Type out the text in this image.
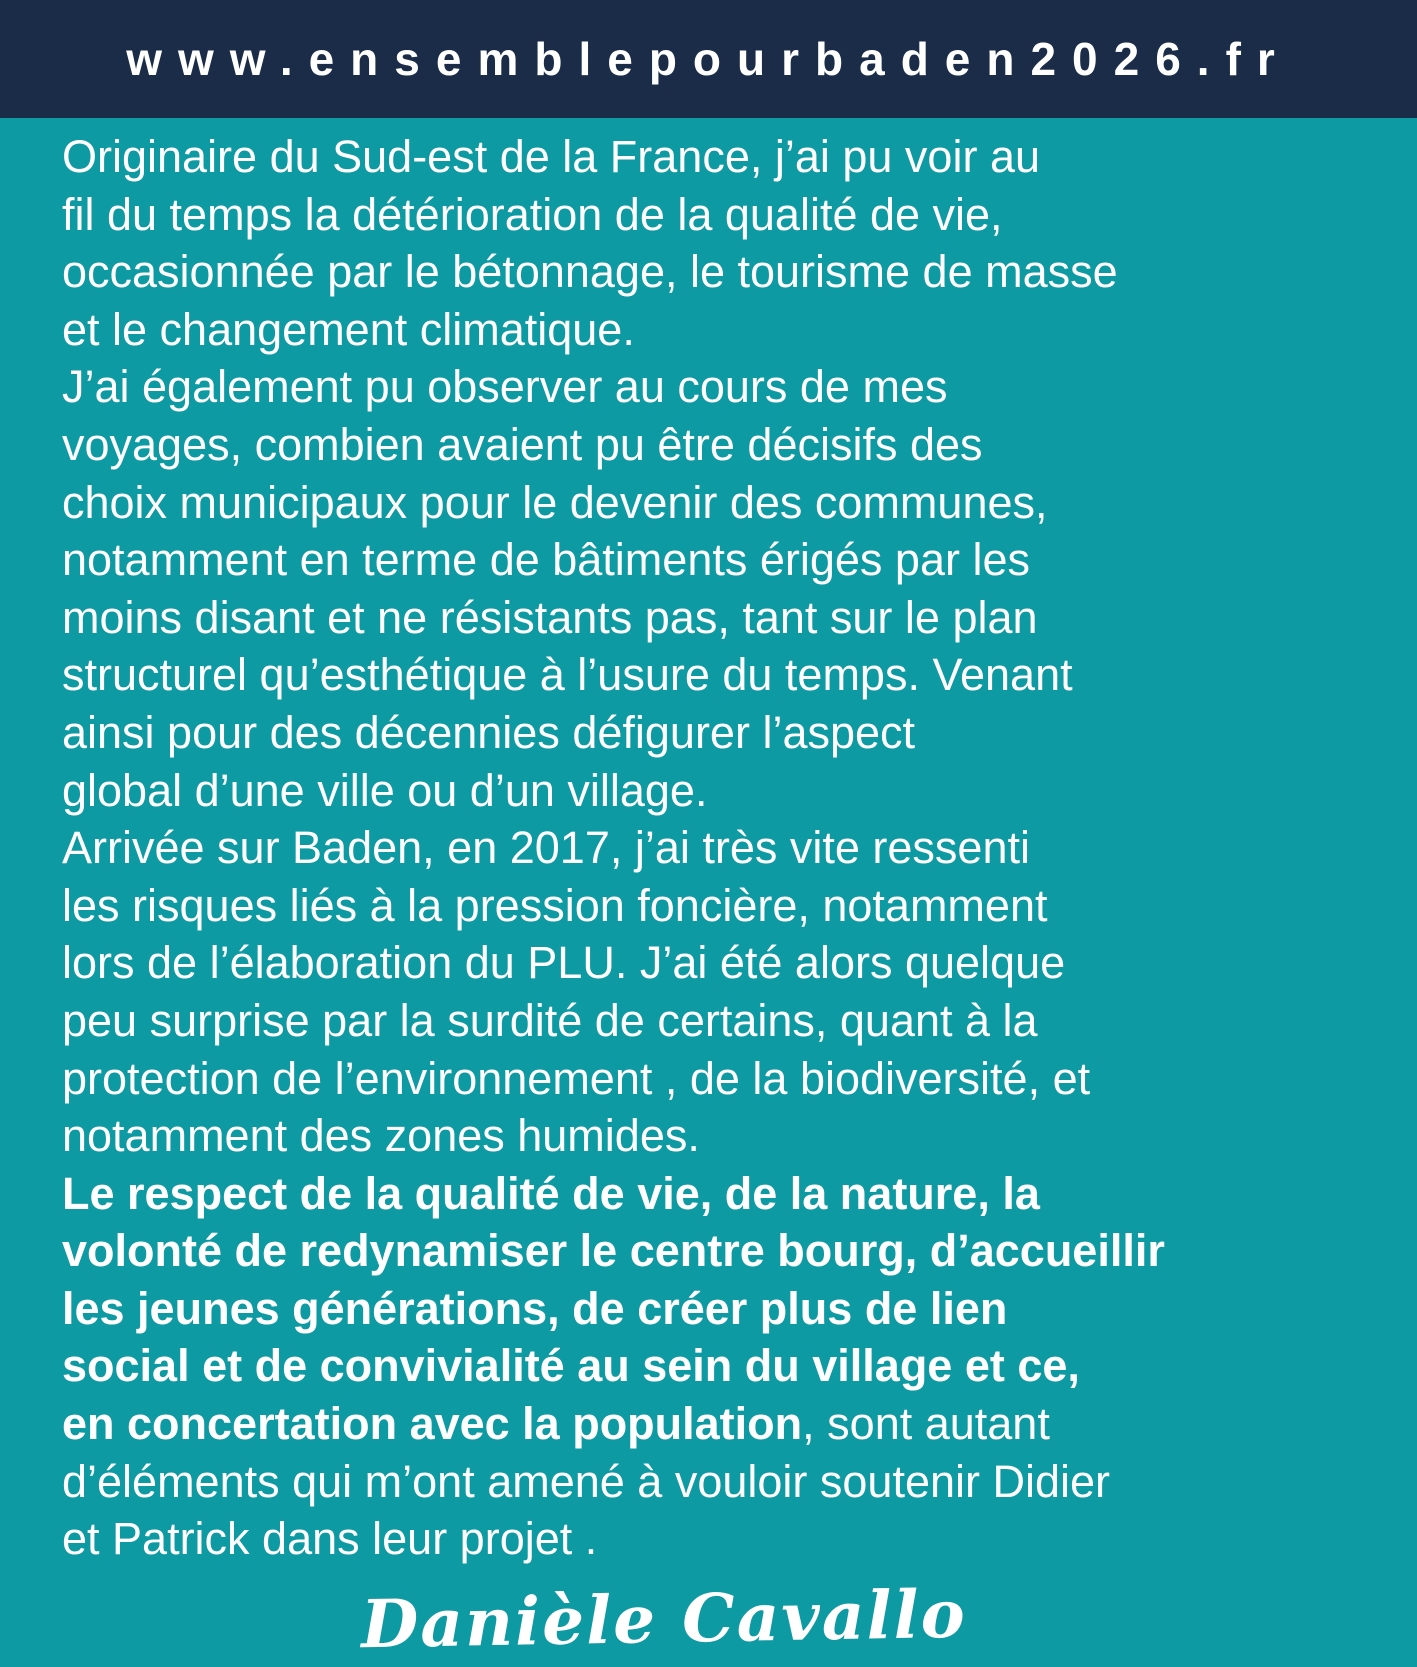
www.ensemblepourbaden2026.fr
Originaire du Sud-est de la France, j’ai pu voir au
fil du temps la détérioration de la qualité de vie,
occasionnée par le bétonnage, le tourisme de masse
et le changement climatique.
J’ai également pu observer au cours de mes
voyages, combien avaient pu être décisifs des
choix municipaux pour le devenir des communes,
notamment en terme de bâtiments érigés par les
moins disant et ne résistants pas, tant sur le plan
structurel qu’esthétique à l’usure du temps. Venant
ainsi pour des décennies défigurer l’aspect
global d’une ville ou d’un village.
Arrivée sur Baden, en 2017, j’ai très vite ressenti
les risques liés à la pression foncière, notamment
lors de l’élaboration du PLU. J’ai été alors quelque
peu surprise par la surdité de certains, quant à la
protection de l’environnement , de la biodiversité, et
notamment des zones humides.
Le respect de la qualité de vie, de la nature, la
volonté de redynamiser le centre bourg, d’accueillir
les jeunes générations, de créer plus de lien
social et de convivialité au sein du village et ce,
en concertation avec la population, sont autant
d’éléments qui m’ont amené à vouloir soutenir Didier
et Patrick dans leur projet .
Danièle Cavallo
